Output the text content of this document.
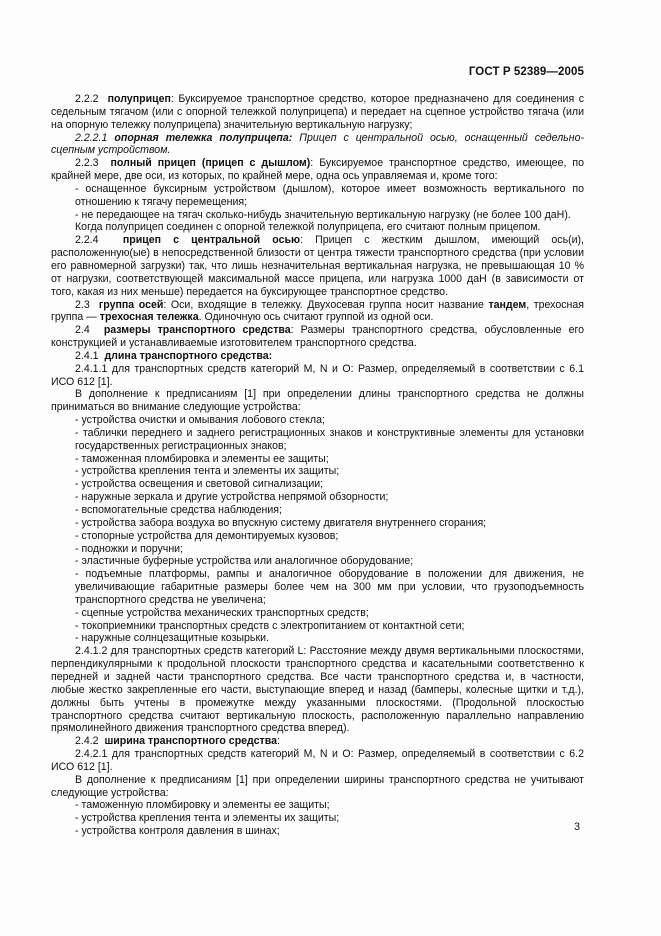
ГОСТ Р 52389—2005

2.2.2 полуприцеп: Буксируемое транспортное средство, которое предназначено для соединения с седельным тягачом (или с опорной тележкой полуприцепа) и передает на сцепное устройство тягача (или на опорную тележку полуприцепа) значительную вертикальную нагрузку;

2.2.2.1 опорная тележка полуприцепа: Прицеп с центральной осью, оснащенный седельно-сцепным устройством.

2.2.3 полный прицеп (прицеп с дышлом): Буксируемое транспортное средство, имеющее, по крайней мере, две оси, из которых, по крайней мере, одна ось управляемая и, кроме того:

- оснащенное буксирным устройством (дышлом), которое имеет возможность вертикального по отношению к тягачу перемещения;

- не передающее на тягач сколько-нибудь значительную вертикальную нагрузку (не более 100 даН).

Когда полуприцеп соединен с опорной тележкой полуприцепа, его считают полным прицепом.

2.2.4 прицеп с центральной осью: Прицеп с жестким дышлом, имеющий ось(и), расположенную(ые) в непосредственной близости от центра тяжести транспортного средства (при условии его равномерной загрузки) так, что лишь незначительная вертикальная нагрузка, не превышающая 10 % от нагрузки, соответствующей максимальной массе прицепа, или нагрузка 1000 даН (в зависимости от того, какая из них меньше) передается на буксирующее транспортное средство.

2.3 группа осей: Оси, входящие в тележку. Двухосевая группа носит название тандем, трехосная группа — трехосная тележка. Одиночную ось считают группой из одной оси.

2.4 размеры транспортного средства: Размеры транспортного средства, обусловленные его конструкцией и устанавливаемые изготовителем транспортного средства.

2.4.1 длина транспортного средства:

2.4.1.1 для транспортных средств категорий M, N и O: Размер, определяемый в соответствии с 6.1 ИСО 612 [1].

В дополнение к предписаниям [1] при определении длины транспортного средства не должны приниматься во внимание следующие устройства:

- устройства очистки и омывания лобового стекла;

- таблички переднего и заднего регистрационных знаков и конструктивные элементы для установки государственных регистрационных знаков;

- таможенная пломбировка и элементы ее защиты;

- устройства крепления тента и элементы их защиты;

- устройства освещения и световой сигнализации;

- наружные зеркала и другие устройства непрямой обзорности;

- вспомогательные средства наблюдения;

- устройства забора воздуха во впускную систему двигателя внутреннего сгорания;

- стопорные устройства для демонтируемых кузовов;

- подножки и поручни;

- эластичные буферные устройства или аналогичное оборудование;

- подъемные платформы, рампы и аналогичное оборудование в положении для движения, не увеличивающие габаритные размеры более чем на 300 мм при условии, что грузоподъемность транспортного средства не увеличена;

- сцепные устройства механических транспортных средств;

- токоприемники транспортных средств с электропитанием от контактной сети;

- наружные солнцезащитные козырьки.

2.4.1.2 для транспортных средств категорий L: Расстояние между двумя вертикальными плоскостями, перпендикулярными к продольной плоскости транспортного средства и касательными соответственно к передней и задней части транспортного средства. Все части транспортного средства и, в частности, любые жестко закрепленные его части, выступающие вперед и назад (бамперы, колесные щитки и т.д.), должны быть учтены в промежутке между указанными плоскостями. (Продольной плоскостью транспортного средства считают вертикальную плоскость, расположенную параллельно направлению прямолинейного движения транспортного средства вперед).

2.4.2 ширина транспортного средства:

2.4.2.1 для транспортных средств категорий M, N и O: Размер, определяемый в соответствии с 6.2 ИСО 612 [1].

В дополнение к предписаниям [1] при определении ширины транспортного средства не учитывают следующие устройства:

- таможенную пломбировку и элементы ее защиты;

- устройства крепления тента и элементы их защиты;

- устройства контроля давления в шинах;	3
